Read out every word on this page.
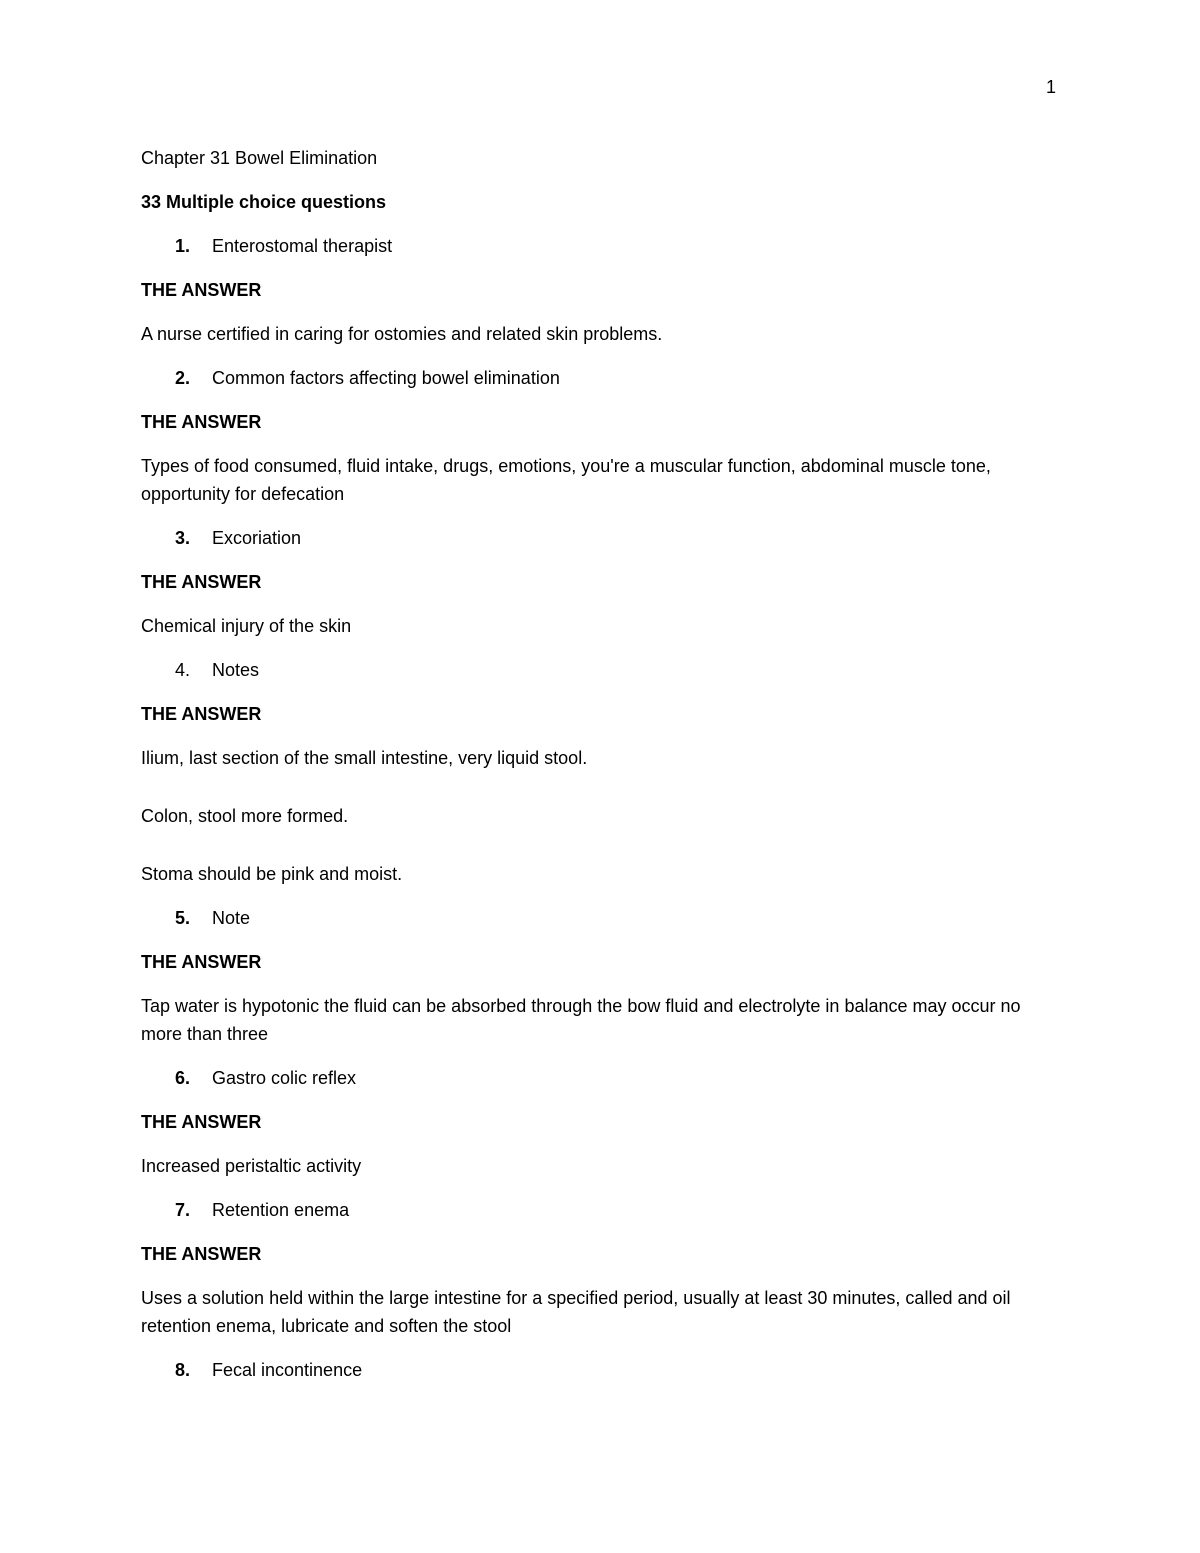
1
Chapter 31 Bowel Elimination
33 Multiple choice questions
1.	Enterostomal therapist
THE ANSWER
A nurse certified in caring for ostomies and related skin problems.
2.	Common factors affecting bowel elimination
THE ANSWER
Types of food consumed, fluid intake, drugs, emotions, you're a muscular function, abdominal muscle tone, opportunity for defecation
3.	Excoriation
THE ANSWER
Chemical injury of the skin
4.	Notes
THE ANSWER
Ilium, last section of the small intestine, very liquid stool.
Colon, stool more formed.
Stoma should be pink and moist.
5.	Note
THE ANSWER
Tap water is hypotonic the fluid can be absorbed through the bow fluid and electrolyte in balance may occur no more than three
6.	Gastro colic reflex
THE ANSWER
Increased peristaltic activity
7.	Retention enema
THE ANSWER
Uses a solution held within the large intestine for a specified period, usually at least 30 minutes, called and oil retention enema, lubricate and soften the stool
8.	Fecal incontinence
